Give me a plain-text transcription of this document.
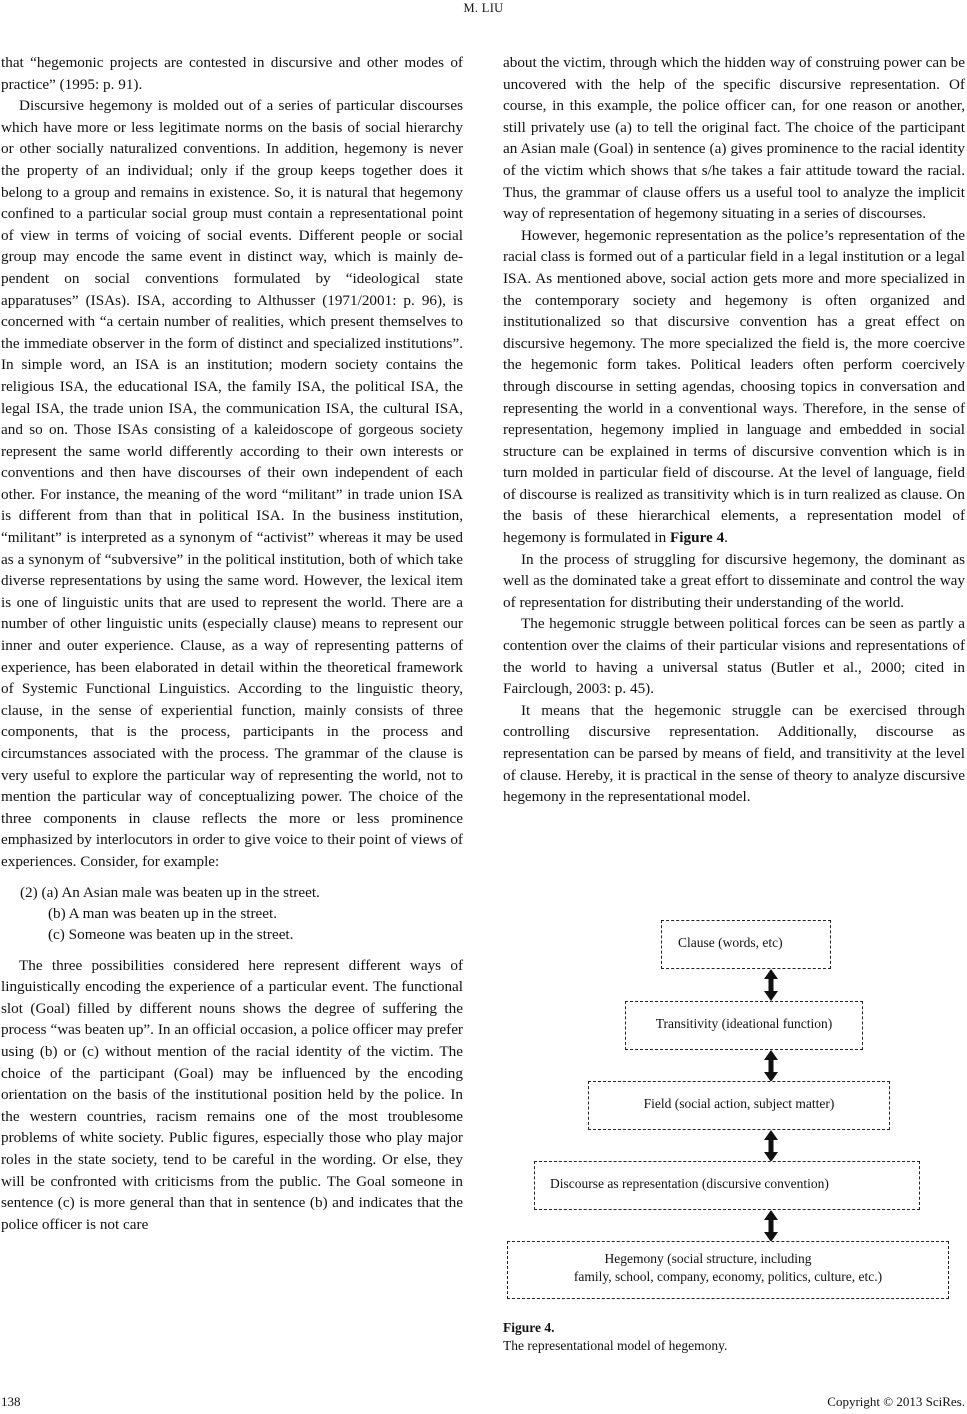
M. LIU

that “hegemonic projects are contested in discursive and other modes of practice” (1995: p. 91).

Discursive hegemony is molded out of a series of particular discourses which have more or less legitimate norms on the basis of social hierarchy or other socially naturalized conventions. In addition, hegemony is never the property of an individual; only if the group keeps together does it belong to a group and remains in existence. So, it is natural that hegemony confined to a particular social group must contain a representational point of view in terms of voicing of social events. Different people or social group may encode the same event in distinct way, which is mainly dependent on social conventions formulated by “ideological state apparatuses” (ISAs). ISA, according to Althusser (1971/2001: p. 96), is concerned with “a certain number of realities, which present themselves to the immediate observer in the form of distinct and specialized institutions”. In simple word, an ISA is an institution; modern society contains the religious ISA, the educational ISA, the family ISA, the political ISA, the legal ISA, the trade union ISA, the communication ISA, the cultural ISA, and so on. Those ISAs consisting of a kaleidoscope of gorgeous society represent the same world differently according to their own interests or conventions and then have discourses of their own independent of each other. For instance, the meaning of the word “militant” in trade union ISA is different from than that in political ISA. In the business institution, “militant” is interpreted as a synonym of “activist” whereas it may be used as a synonym of “subversive” in the political institution, both of which take diverse representations by using the same word. However, the lexical item is one of linguistic units that are used to represent the world. There are a number of other linguistic units (especially clause) means to represent our inner and outer experience. Clause, as a way of representing patterns of experience, has been elaborated in detail within the theoretical framework of Systemic Functional Linguistics. According to the linguistic theory, clause, in the sense of experiential function, mainly consists of three components, that is the process, participants in the process and circumstances associated with the process. The grammar of the clause is very useful to explore the particular way of representing the world, not to mention the particular way of conceptualizing power. The choice of the three components in clause reflects the more or less prominence emphasized by interlocutors in order to give voice to their point of views of experiences. Consider, for example:

(2) (a) An Asian male was beaten up in the street.
(b) A man was beaten up in the street.
(c) Someone was beaten up in the street.

The three possibilities considered here represent different ways of linguistically encoding the experience of a particular event. The functional slot (Goal) filled by different nouns shows the degree of suffering the process “was beaten up”. In an official occasion, a police officer may prefer using (b) or (c) without mention of the racial identity of the victim. The choice of the participant (Goal) may be influenced by the encoding orientation on the basis of the institutional position held by the police. In the western countries, racism remains one of the most troublesome problems of white society. Public figures, especially those who play major roles in the state society, tend to be careful in the wording. Or else, they will be confronted with criticisms from the public. The Goal someone in sentence (c) is more general than that in sentence (b) and indicates that the police officer is not care

about the victim, through which the hidden way of construing power can be uncovered with the help of the specific discursive representation. Of course, in this example, the police officer can, for one reason or another, still privately use (a) to tell the original fact. The choice of the participant an Asian male (Goal) in sentence (a) gives prominence to the racial identity of the victim which shows that s/he takes a fair attitude toward the racial. Thus, the grammar of clause offers us a useful tool to analyze the implicit way of representation of hegemony situating in a series of discourses.

However, hegemonic representation as the police’s representation of the racial class is formed out of a particular field in a legal institution or a legal ISA. As mentioned above, social action gets more and more specialized in the contemporary society and hegemony is often organized and institutionalized so that discursive convention has a great effect on discursive hegemony. The more specialized the field is, the more coercive the hegemonic form takes. Political leaders often perform coercively through discourse in setting agendas, choosing topics in conversation and representing the world in a conventional ways. Therefore, in the sense of representation, hegemony implied in language and embedded in social structure can be explained in terms of discursive convention which is in turn molded in particular field of discourse. At the level of language, field of discourse is realized as transitivity which is in turn realized as clause. On the basis of these hierarchical elements, a representation model of hegemony is formulated in Figure 4.

In the process of struggling for discursive hegemony, the dominant as well as the dominated take a great effort to disseminate and control the way of representation for distributing their understanding of the world.

The hegemonic struggle between political forces can be seen as partly a contention over the claims of their particular visions and representations of the world to having a universal status (Butler et al., 2000; cited in Fairclough, 2003: p. 45).

It means that the hegemonic struggle can be exercised through controlling discursive representation. Additionally, discourse as representation can be parsed by means of field, and transitivity at the level of clause. Hereby, it is practical in the sense of theory to analyze discursive hegemony in the representational model.

Clause (words, etc)
Transitivity (ideational function)
Field (social action, subject matter)
Discourse as representation (discursive convention)
Hegemony (social structure, including
family, school, company, economy, politics, culture, etc.)
Figure 4.
The representational model of hegemony.
138	Copyright © 2013 SciRes.
